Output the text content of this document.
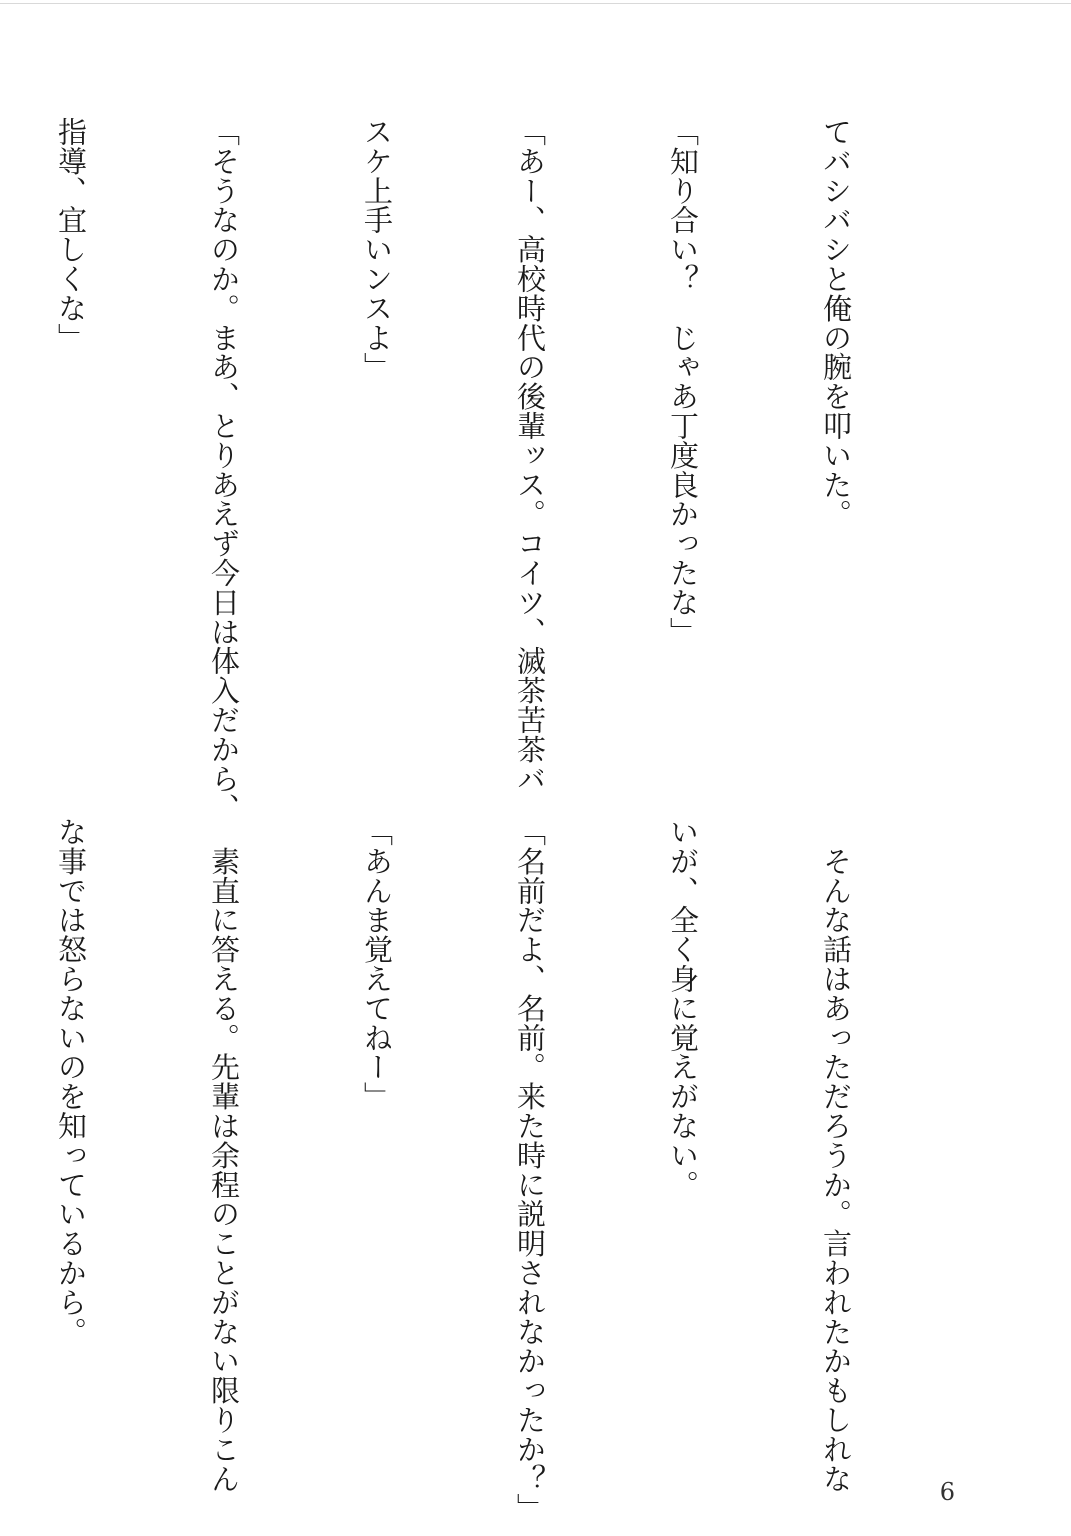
てバシバシと俺の腕を叩いた。

「知り合い？　じゃあ丁度良かったな」

「あー、高校時代の後輩ッス。コイツ、滅茶苦茶バ

スケ上手いンスよ」

「そうなのか。まあ、とりあえず今日は体入だから、

指導、宜しくな」

　そんな話はあっただろうか。言われたかもしれな

いが、全く身に覚えがない。

「名前だよ、名前。来た時に説明されなかったか？」

「あんま覚えてねー」

　素直に答える。先輩は余程のことがない限りこん

な事では怒らないのを知っているから。

6
